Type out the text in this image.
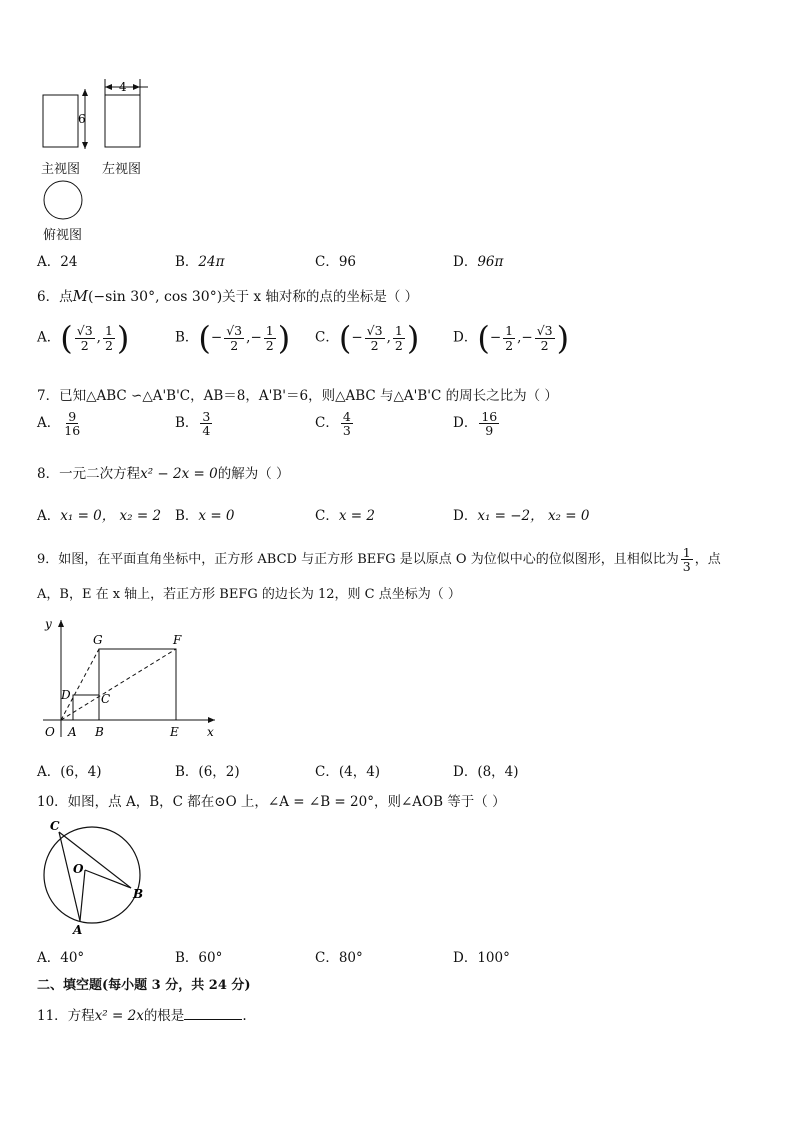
6
4
主视图 左视图
俯视图
A．24	B．24π	C．96	D．96π
6．点M(−sin 30°, cos 30°)关于 x 轴对称的点的坐标是（ ）
A．( $\frac{√3}{2}$ , $\frac{1}{2}$ )	B．(− $\frac{√3}{2}$ ,− $\frac{1}{2}$ ) C．(− $\frac{√3}{2}$ , $\frac{1}{2}$ ) D．(− $\frac{1}{2}$ ,− $\frac{√3}{2}$ )
7．已知△ABC ∽△A'B'C，AB＝8，A'B'＝6，则△ABC 与△A'B'C 的周长之比为（ ）
A． $\frac{9}{16}$	B． $\frac{3}{4}$	C． $\frac{4}{3}$	D． $\frac{16}{9}$
8．一元二次方程x² − 2x = 0的解为（ ）
A．x₁ = 0， x₂ = 2 B．x = 0	C．x = 2	D．x₁ = −2， x₂ = 0
9．如图，在平面直角坐标中，正方形 ABCD 与正方形 BEFG 是以原点 O 为位似中心的位似图形，且相似比为 $\frac{1}{3}$ ，点
A，B，E 在 x 轴上，若正方形 BEFG 的边长为 12，则 C 点坐标为（ ）
y
x
O A B	E
G	F
D	C
A．(6，4)	B．(6，2)	C．(4，4)	D．(8，4)
10．如图，点 A，B，C 都在⊙O 上，∠A = ∠B = 20°，则∠AOB 等于（ ）
C
O
B
A
A．40°	B．60°	C．80°	D．100°
二、填空题(每小题 3 分，共 24 分)
11．方程x² = 2x的根是	.
